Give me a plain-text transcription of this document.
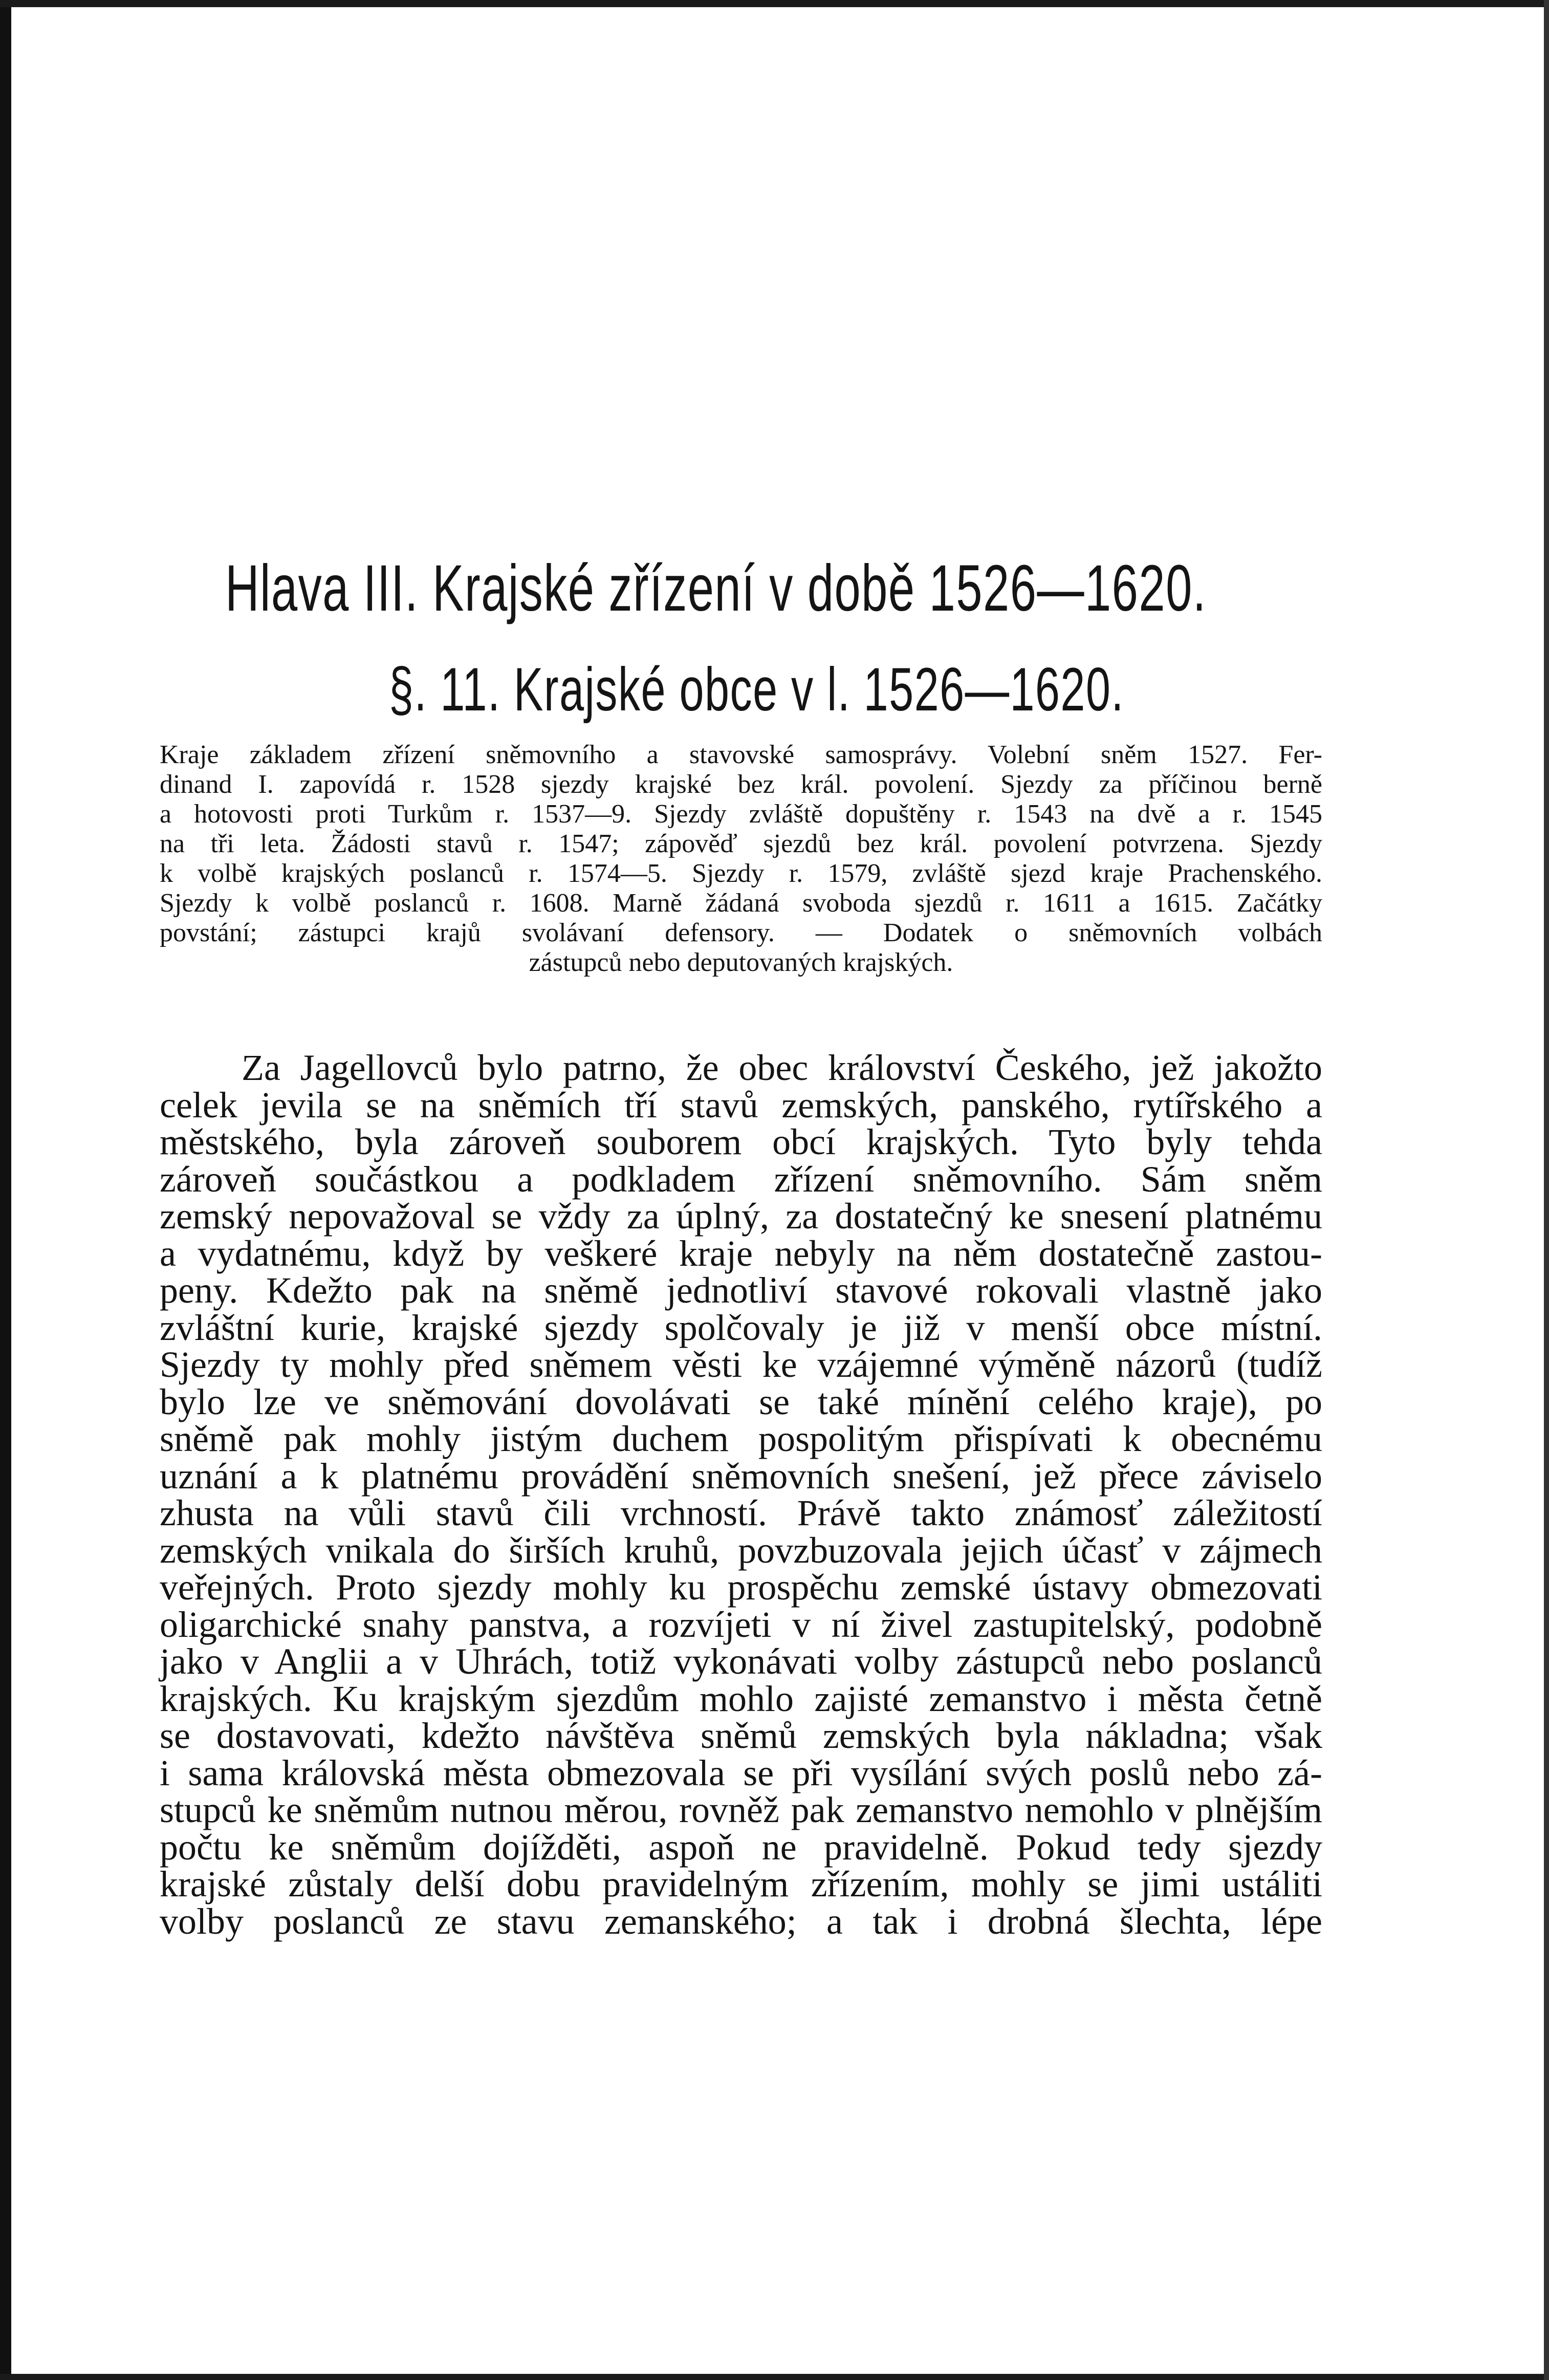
Hlava III. Krajské zřízení v době 1526—1620.
§. 11. Krajské obce v l. 1526—1620.
Kraje základem zřízení sněmovního a stavovské samosprávy. Volební sněm 1527. Fer-
dinand I. zapovídá r. 1528 sjezdy krajské bez král. povolení. Sjezdy za příčinou berně
a hotovosti proti Turkům r. 1537—9. Sjezdy zvláště dopuštěny r. 1543 na dvě a r. 1545
na tři leta. Žádosti stavů r. 1547; zápověď sjezdů bez král. povolení potvrzena. Sjezdy
k volbě krajských poslanců r. 1574—5. Sjezdy r. 1579, zvláště sjezd kraje Prachenského.
Sjezdy k volbě poslanců r. 1608. Marně žádaná svoboda sjezdů r. 1611 a 1615. Začátky
povstání; zástupci krajů svolávaní defensory. — Dodatek o sněmovních volbách
zástupců nebo deputovaných krajských.
Za Jagellovců bylo patrno, že obec království Českého, jež jakožto
celek jevila se na sněmích tří stavů zemských, panského, rytířského a
městského, byla zároveň souborem obcí krajských. Tyto byly tehda
zároveň součástkou a podkladem zřízení sněmovního. Sám sněm
zemský nepovažoval se vždy za úplný, za dostatečný ke snesení platnému
a vydatnému, když by veškeré kraje nebyly na něm dostatečně zastou-
peny. Kdežto pak na sněmě jednotliví stavové rokovali vlastně jako
zvláštní kurie, krajské sjezdy spolčovaly je již v menší obce místní.
Sjezdy ty mohly před sněmem věsti ke vzájemné výměně názorů (tudíž
bylo lze ve sněmování dovolávati se také mínění celého kraje), po
sněmě pak mohly jistým duchem pospolitým přispívati k obecnému
uznání a k platnému provádění sněmovních snešení, jež přece záviselo
zhusta na vůli stavů čili vrchností. Právě takto známosť záležitostí
zemských vnikala do širších kruhů, povzbuzovala jejich účasť v zájmech
veřejných. Proto sjezdy mohly ku prospěchu zemské ústavy obmezovati
oligarchické snahy panstva, a rozvíjeti v ní živel zastupitelský, podobně
jako v Anglii a v Uhrách, totiž vykonávati volby zástupců nebo poslanců
krajských. Ku krajským sjezdům mohlo zajisté zemanstvo i města četně
se dostavovati, kdežto návštěva sněmů zemských byla nákladna; však
i sama královská města obmezovala se při vysílání svých poslů nebo zá-
stupců ke sněmům nutnou měrou, rovněž pak zemanstvo nemohlo v plnějším
počtu ke sněmům dojížděti, aspoň ne pravidelně. Pokud tedy sjezdy
krajské zůstaly delší dobu pravidelným zřízením, mohly se jimi ustáliti
volby poslanců ze stavu zemanského; a tak i drobná šlechta, lépe
